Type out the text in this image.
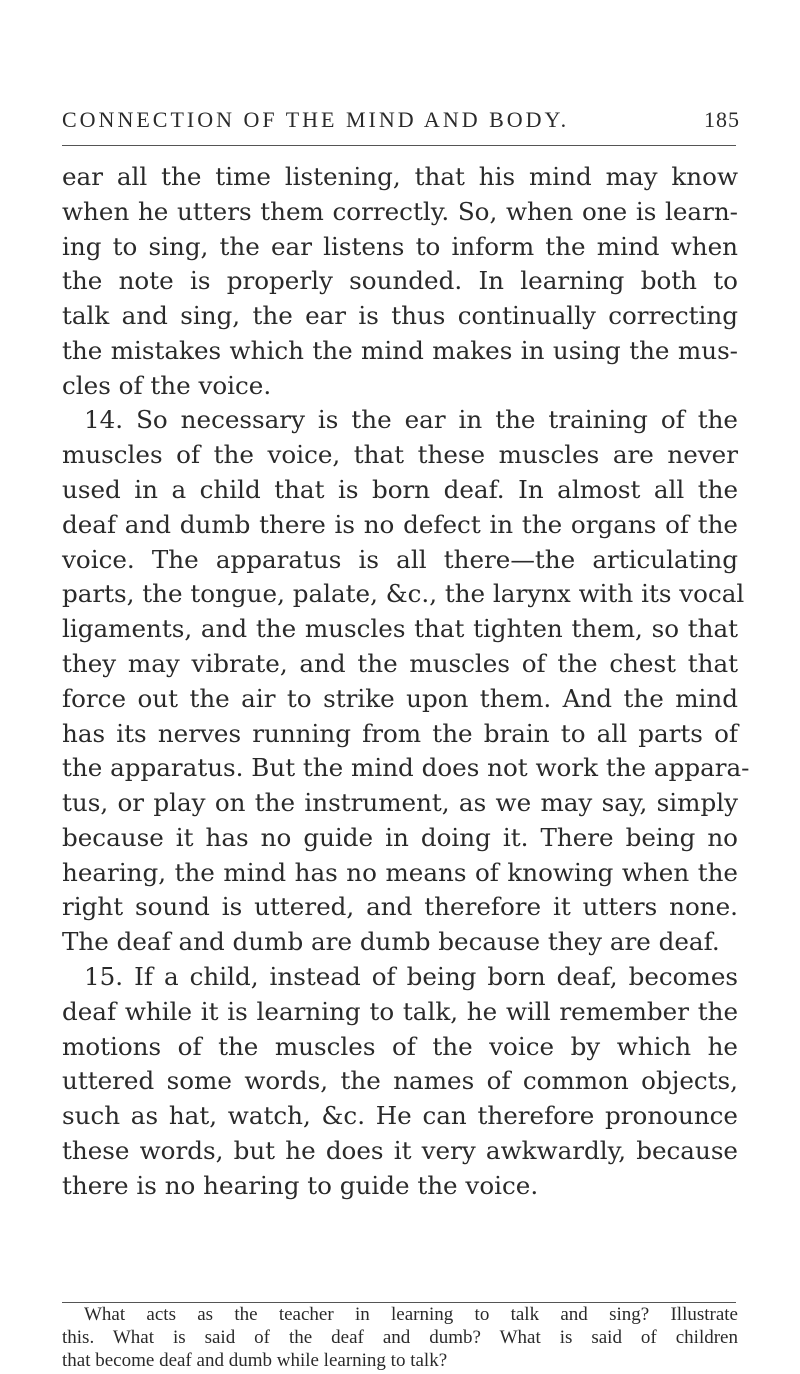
CONNECTION OF THE MIND AND BODY.	185
ear all the time listening, that his mind may know
when he utters them correctly. So, when one is learn-
ing to sing, the ear listens to inform the mind when
the note is properly sounded. In learning both to
talk and sing, the ear is thus continually correcting
the mistakes which the mind makes in using the mus-
cles of the voice.
14. So necessary is the ear in the training of the
muscles of the voice, that these muscles are never
used in a child that is born deaf. In almost all the
deaf and dumb there is no defect in the organs of the
voice. The apparatus is all there—the articulating
parts, the tongue, palate, &c., the larynx with its vocal
ligaments, and the muscles that tighten them, so that
they may vibrate, and the muscles of the chest that
force out the air to strike upon them. And the mind
has its nerves running from the brain to all parts of
the apparatus. But the mind does not work the appara-
tus, or play on the instrument, as we may say, simply
because it has no guide in doing it. There being no
hearing, the mind has no means of knowing when the
right sound is uttered, and therefore it utters none.
The deaf and dumb are dumb because they are deaf.
15. If a child, instead of being born deaf, becomes
deaf while it is learning to talk, he will remember the
motions of the muscles of the voice by which he
uttered some words, the names of common objects,
such as hat, watch, &c. He can therefore pronounce
these words, but he does it very awkwardly, because
there is no hearing to guide the voice.
What acts as the teacher in learning to talk and sing? Illustrate
this. What is said of the deaf and dumb? What is said of children
that become deaf and dumb while learning to talk?
